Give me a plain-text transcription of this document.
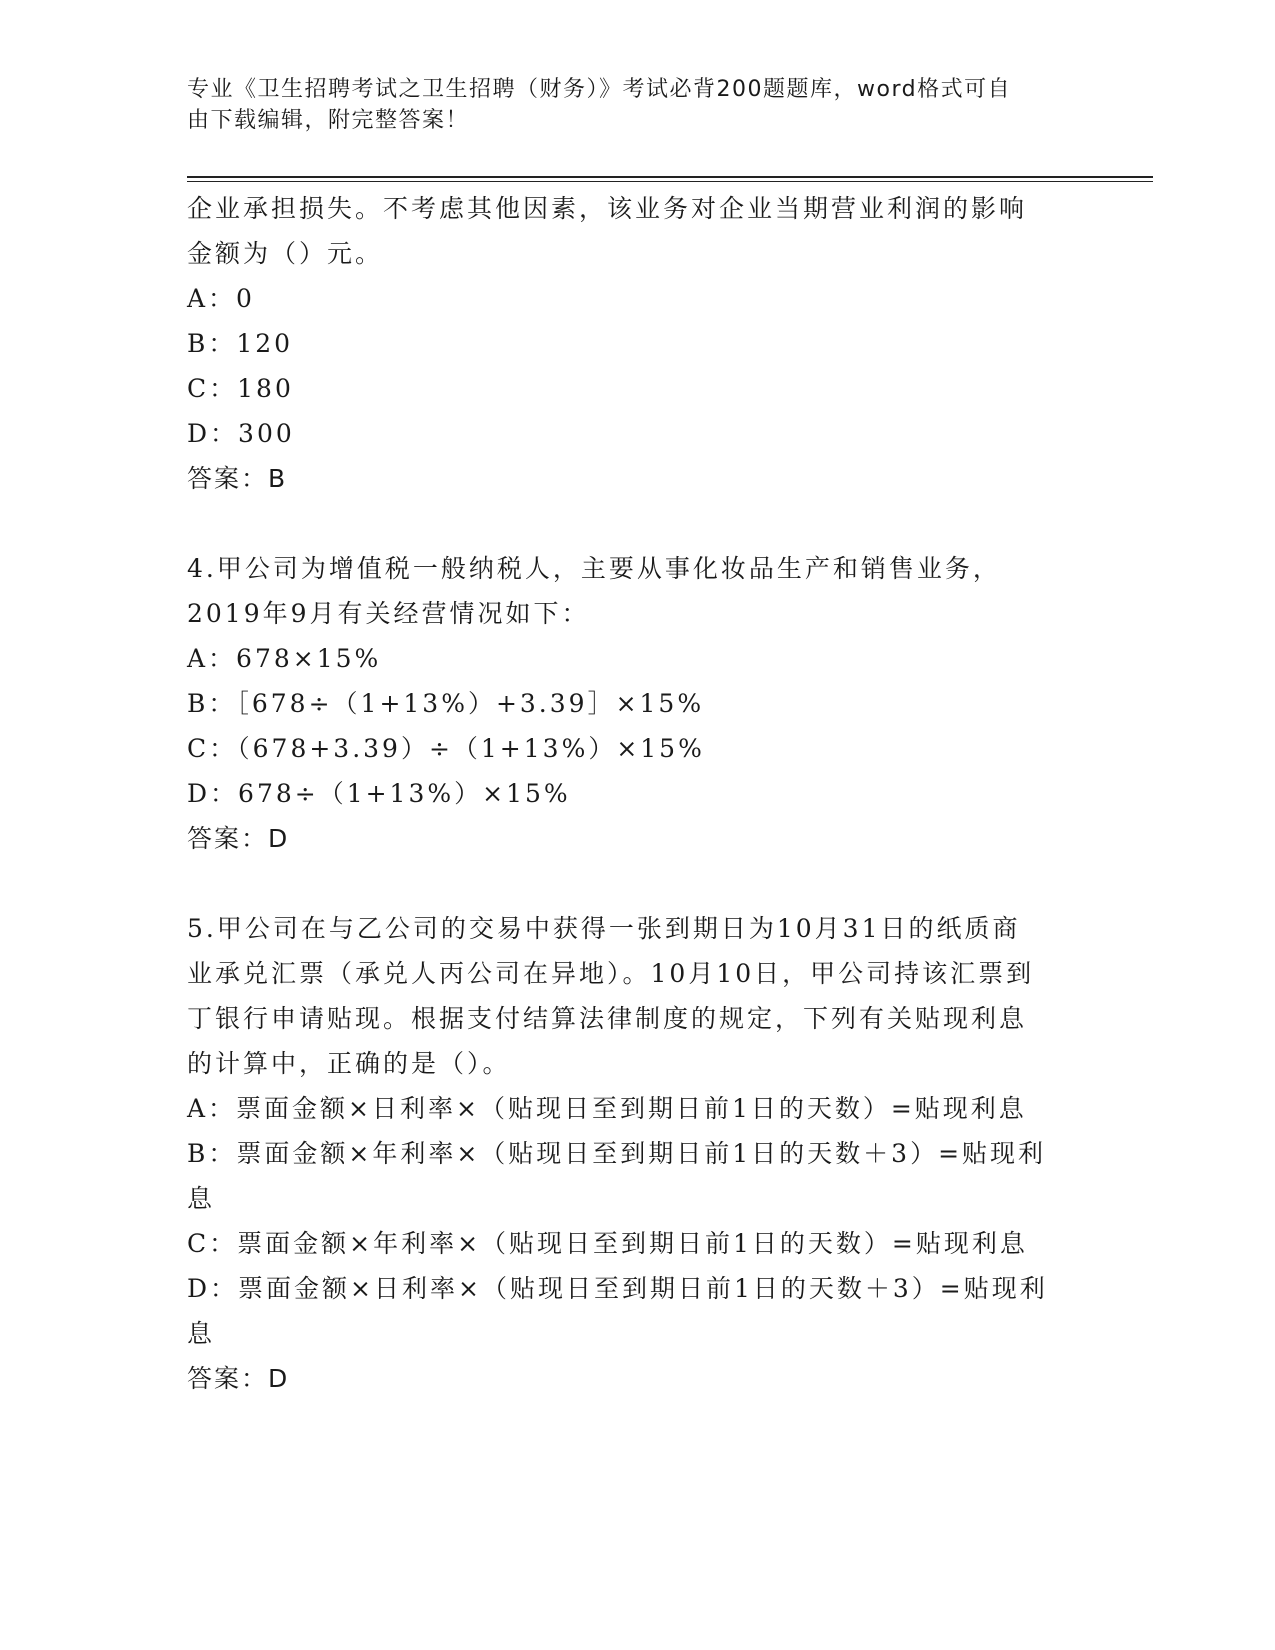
专业《卫生招聘考试之卫生招聘（财务）》考试必背200题题库，word格式可自
由下载编辑，附完整答案！
企业承担损失。不考虑其他因素，该业务对企业当期营业利润的影响
金额为（）元。
A：0
B：120
C：180
D：300
答案：B
4.甲公司为增值税一般纳税人，主要从事化妆品生产和销售业务，
2019年9月有关经营情况如下：
A：678×15%
B：［678÷（1+13%）+3.39］×15%
C：（678+3.39）÷（1+13%）×15%
D：678÷（1+13%）×15%
答案：D
5.甲公司在与乙公司的交易中获得一张到期日为10月31日的纸质商
业承兑汇票（承兑人丙公司在异地）。10月10日，甲公司持该汇票到
丁银行申请贴现。根据支付结算法律制度的规定，下列有关贴现利息
的计算中，正确的是（）。
A：票面金额×日利率×（贴现日至到期日前1日的天数）=贴现利息
B：票面金额×年利率×（贴现日至到期日前1日的天数＋3）=贴现利
息
C：票面金额×年利率×（贴现日至到期日前1日的天数）=贴现利息
D：票面金额×日利率×（贴现日至到期日前1日的天数＋3）=贴现利
息
答案：D
